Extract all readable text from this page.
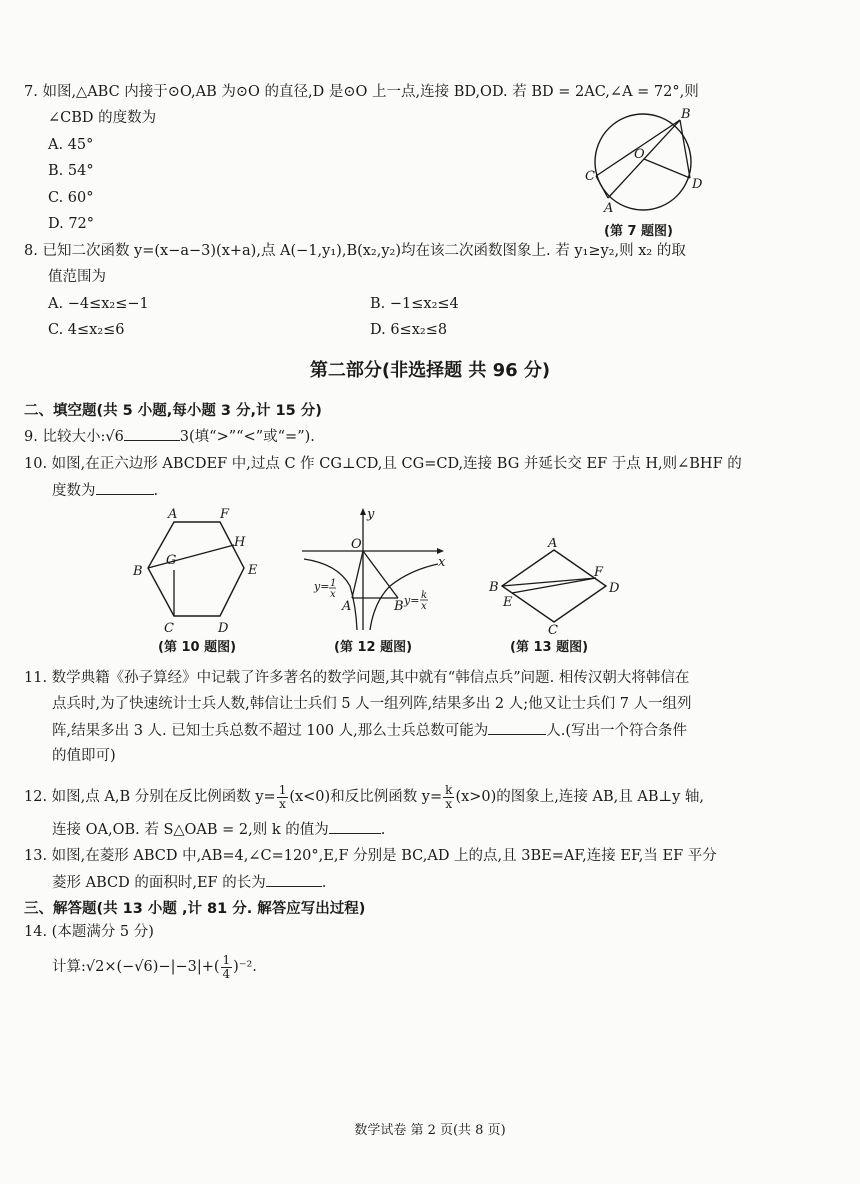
7. 如图,△ABC 内接于⊙O,AB 为⊙O 的直径,D 是⊙O 上一点,连接 BD,OD. 若 BD = 2AC,∠A = 72°,则
∠CBD 的度数为
A. 45°
B. 54°
C. 60°
D. 72°
B
O
C
D
A
(第 7 题图)
8. 已知二次函数 y=(x−a−3)(x+a),点 A(−1,y₁),B(x₂,y₂)均在该二次函数图象上. 若 y₁≥y₂,则 x₂ 的取
值范围为
A. −4≤x₂≤−1	B. −1≤x₂≤4
C. 4≤x₂≤6	D. 6≤x₂≤8
第二部分(非选择题 共 96 分)
二、填空题(共 5 小题,每小题 3 分,计 15 分)
9. 比较大小:√6	3(填“>”“<”或“=”).
10. 如图,在正六边形 ABCDEF 中,过点 C 作 CG⊥CD,且 CG=CD,连接 BG 并延长交 EF 于点 H,则∠BHF 的
度数为	.
A	F
H
G
B	E
C	D
(第 10 题图)
y
x
O
A	B
y= 1
x	y= k
x
(第 12 题图)
A
F
D
B
E
C
(第 13 题图)
11. 数学典籍《孙子算经》中记载了许多著名的数学问题,其中就有“韩信点兵”问题. 相传汉朝大将韩信在
点兵时,为了快速统计士兵人数,韩信让士兵们 5 人一组列阵,结果多出 2 人;他又让士兵们 7 人一组列
阵,结果多出 3 人. 已知士兵总数不超过 100 人,那么士兵总数可能为	人.(写出一个符合条件
的值即可)
12. 如图,点 A,B 分别在反比例函数 $y= \frac{1}{x} (x<0)$和反比例函数 $y= \frac{k}{x} (x>0)$的图象上,连接 AB,且 AB⊥y 轴,
连接 OA,OB. 若 S△OAB = 2,则 k 的值为	.
13. 如图,在菱形 ABCD 中,AB=4,∠C=120°,E,F 分别是 BC,AD 上的点,且 3BE=AF,连接 EF,当 EF 平分
菱形 ABCD 的面积时,EF 的长为	.
三、解答题(共 13 小题 ,计 81 分. 解答应写出过程)
14. (本题满分 5 分)
计算:√2×(−√6)−|−3|+( $\frac{1}{4} )^{-2}$.
数学试卷 第 2 页(共 8 页)
